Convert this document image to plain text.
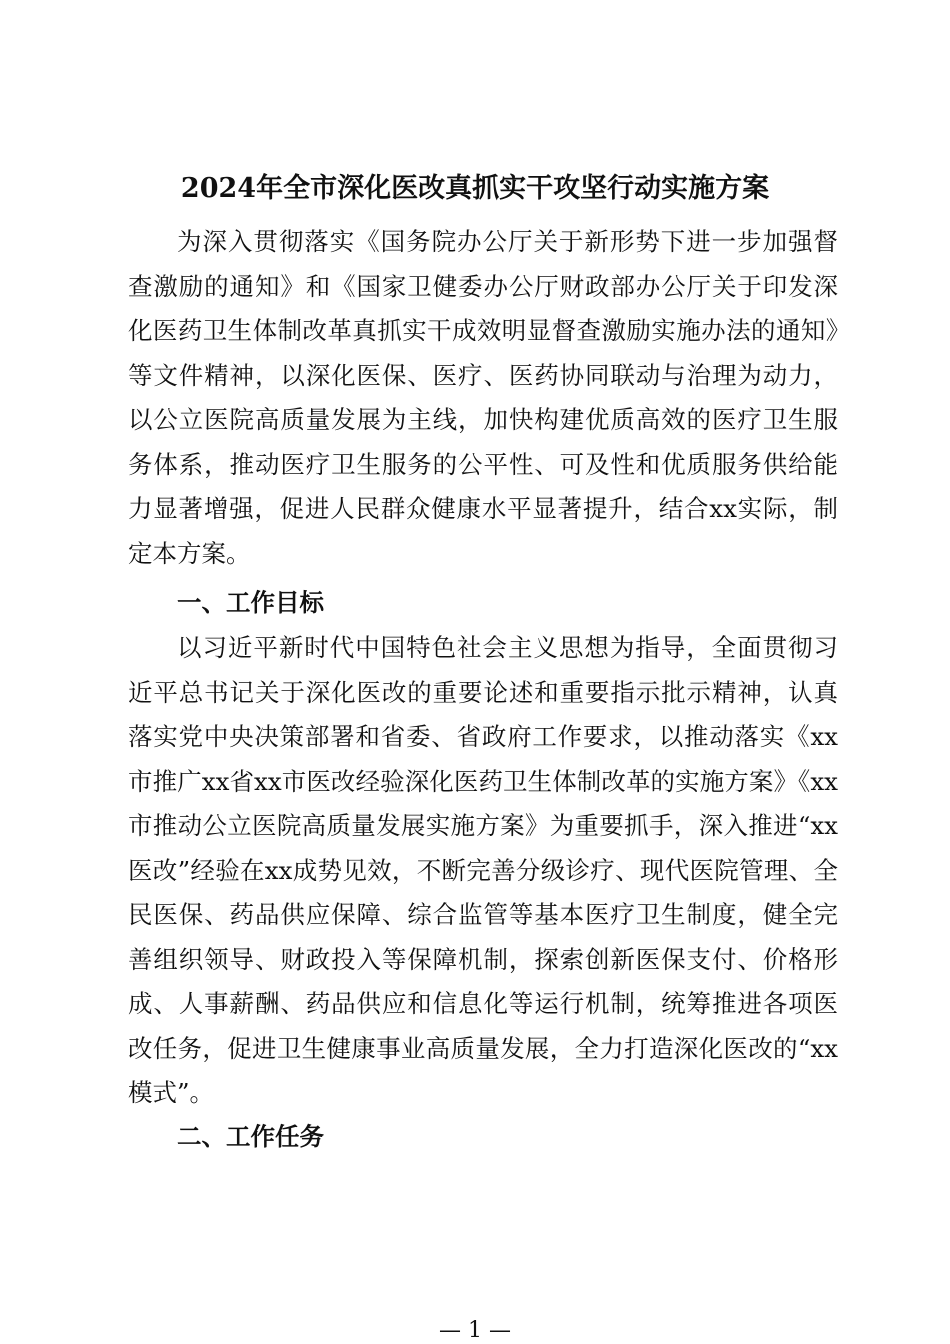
2024年全市深化医改真抓实干攻坚行动实施方案

为深入贯彻落实《国务院办公厅关于新形势下进一步加强督查激励的通知》和《国家卫健委办公厅财政部办公厅关于印发深化医药卫生体制改革真抓实干成效明显督查激励实施办法的通知》等文件精神，以深化医保、医疗、医药协同联动与治理为动力，以公立医院高质量发展为主线，加快构建优质高效的医疗卫生服务体系，推动医疗卫生服务的公平性、可及性和优质服务供给能力显著增强，促进人民群众健康水平显著提升，结合xx实际，制定本方案。

一、工作目标

以习近平新时代中国特色社会主义思想为指导，全面贯彻习近平总书记关于深化医改的重要论述和重要指示批示精神，认真落实党中央决策部署和省委、省政府工作要求，以推动落实《xx市推广xx省xx市医改经验深化医药卫生体制改革的实施方案》《xx市推动公立医院高质量发展实施方案》为重要抓手，深入推进“xx医改”经验在xx成势见效，不断完善分级诊疗、现代医院管理、全民医保、药品供应保障、综合监管等基本医疗卫生制度，健全完善组织领导、财政投入等保障机制，探索创新医保支付、价格形成、人事薪酬、药品供应和信息化等运行机制，统筹推进各项医改任务，促进卫生健康事业高质量发展，全力打造深化医改的“xx模式”。

二、工作任务
— 1 —
